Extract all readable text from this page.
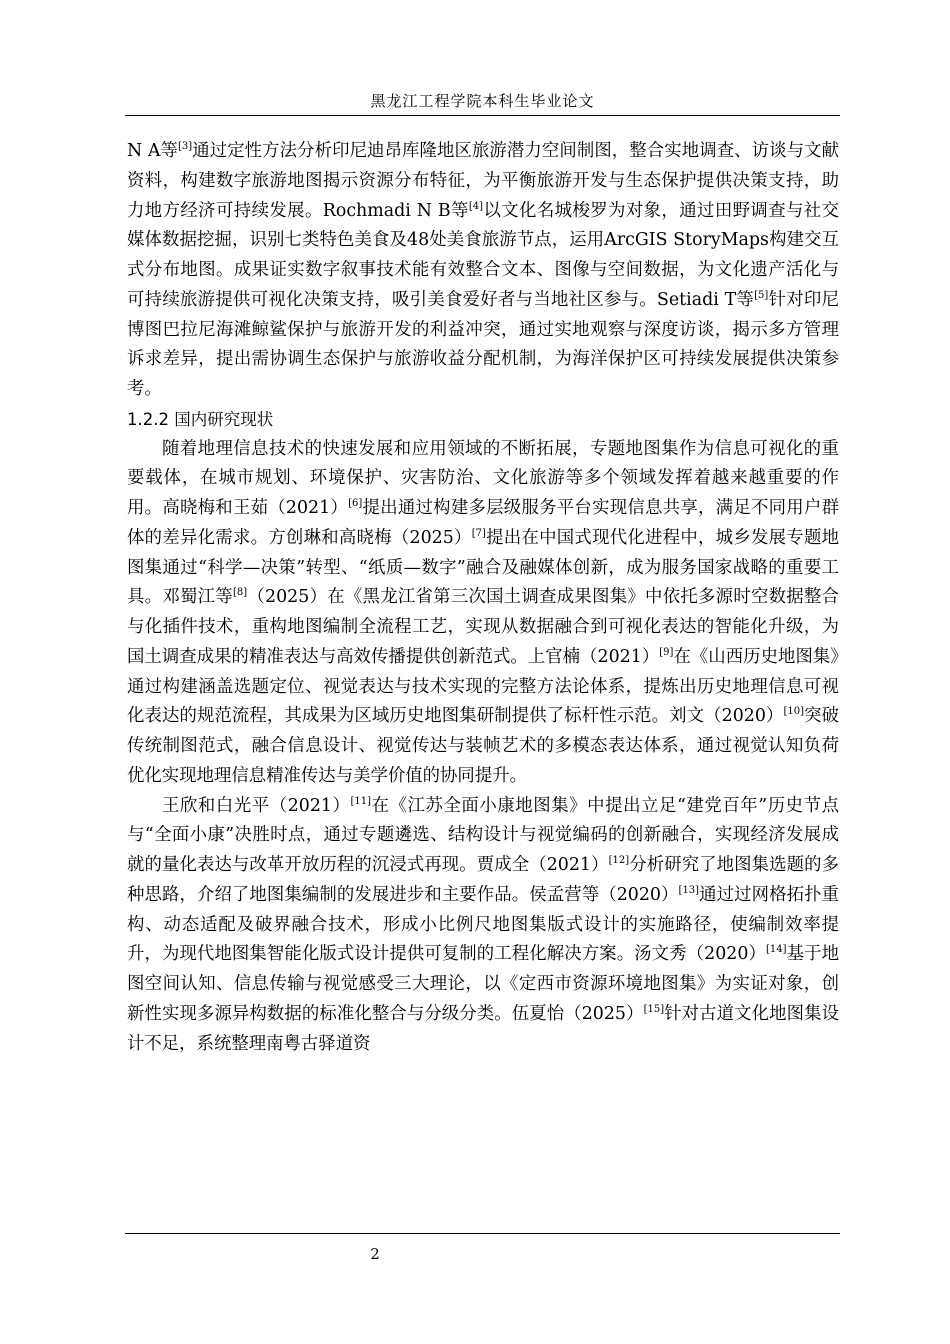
黑龙江工程学院本科生毕业论文

N A等[3]通过定性方法分析印尼迪昂库隆地区旅游潜力空间制图，整合实地调查、访谈与文献资料，构建数字旅游地图揭示资源分布特征，为平衡旅游开发与生态保护提供决策支持，助力地方经济可持续发展。Rochmadi N B等[4]以文化名城梭罗为对象，通过田野调查与社交媒体数据挖掘，识别七类特色美食及48处美食旅游节点，运用ArcGIS StoryMaps构建交互式分布地图。成果证实数字叙事技术能有效整合文本、图像与空间数据，为文化遗产活化与可持续旅游提供可视化决策支持，吸引美食爱好者与当地社区参与。Setiadi T等[5]针对印尼博图巴拉尼海滩鲸鲨保护与旅游开发的利益冲突，通过实地观察与深度访谈，揭示多方管理诉求差异，提出需协调生态保护与旅游收益分配机制，为海洋保护区可持续发展提供决策参考。

1.2.2 国内研究现状

随着地理信息技术的快速发展和应用领域的不断拓展，专题地图集作为信息可视化的重要载体，在城市规划、环境保护、灾害防治、文化旅游等多个领域发挥着越来越重要的作用。高晓梅和王茹（2021）[6]提出通过构建多层级服务平台实现信息共享，满足不同用户群体的差异化需求。方创琳和高晓梅（2025）[7]提出在中国式现代化进程中，城乡发展专题地图集通过“科学—决策”转型、“纸质—数字”融合及融媒体创新，成为服务国家战略的重要工具。邓蜀江等[8]（2025）在《黑龙江省第三次国土调查成果图集》中依托多源时空数据整合与化插件技术，重构地图编制全流程工艺，实现从数据融合到可视化表达的智能化升级，为国土调查成果的精准表达与高效传播提供创新范式。上官楠（2021）[9]在《山西历史地图集》通过构建涵盖选题定位、视觉表达与技术实现的完整方法论体系，提炼出历史地理信息可视化表达的规范流程，其成果为区域历史地图集研制提供了标杆性示范。刘文（2020）[10]突破传统制图范式，融合信息设计、视觉传达与装帧艺术的多模态表达体系，通过视觉认知负荷优化实现地理信息精准传达与美学价值的协同提升。

王欣和白光平（2021）[11]在《江苏全面小康地图集》中提出立足“建党百年”历史节点与“全面小康”决胜时点，通过专题遴选、结构设计与视觉编码的创新融合，实现经济发展成就的量化表达与改革开放历程的沉浸式再现。贾成全（2021）[12]分析研究了地图集选题的多种思路，介绍了地图集编制的发展进步和主要作品。侯孟营等（2020）[13]通过过网格拓扑重构、动态适配及破界融合技术，形成小比例尺地图集版式设计的实施路径，使编制效率提升，为现代地图集智能化版式设计提供可复制的工程化解决方案。汤文秀（2020）[14]基于地图空间认知、信息传输与视觉感受三大理论，以《定西市资源环境地图集》为实证对象，创新性实现多源异构数据的标准化整合与分级分类。伍夏怡（2025）[15]针对古道文化地图集设计不足，系统整理南粤古驿道资

2
